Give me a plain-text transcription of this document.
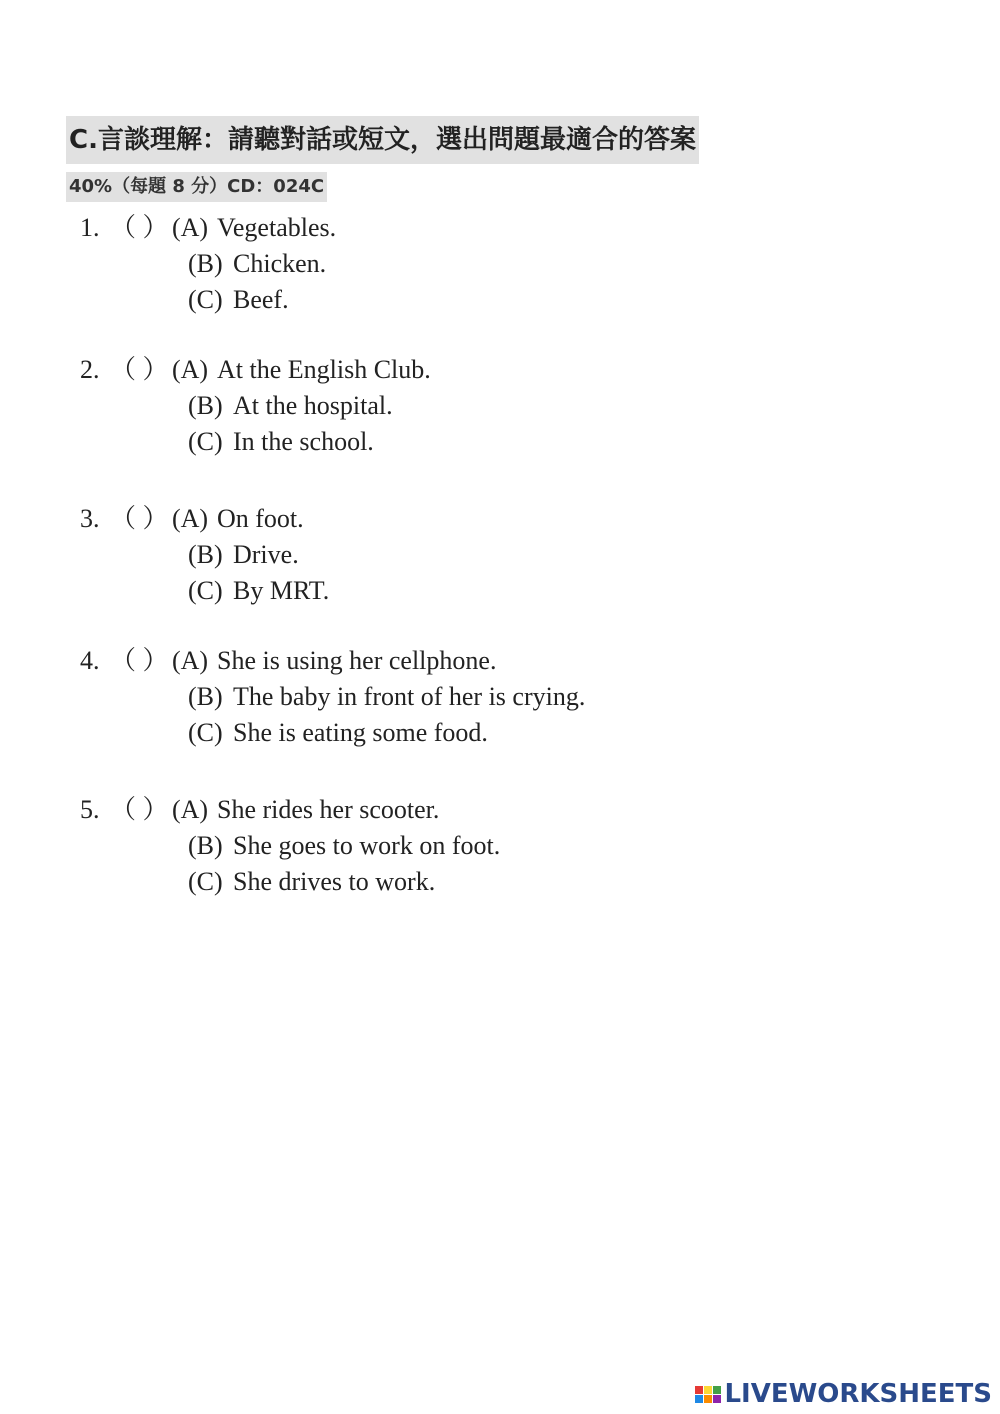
C.言談理解：請聽對話或短文，選出問題最適合的答案
40%（每題 8 分）CD：024C
1. （ ） (A) Vegetables.
(B) Chicken.
(C) Beef.
2. （ ） (A) At the English Club.
(B) At the hospital.
(C) In the school.
3. （ ） (A) On foot.
(B) Drive.
(C) By MRT.
4. （ ） (A) She is using her cellphone.
(B) The baby in front of her is crying.
(C) She is eating some food.
5. （ ） (A) She rides her scooter.
(B) She goes to work on foot.
(C) She drives to work.
LIVEWORKSHEETS
